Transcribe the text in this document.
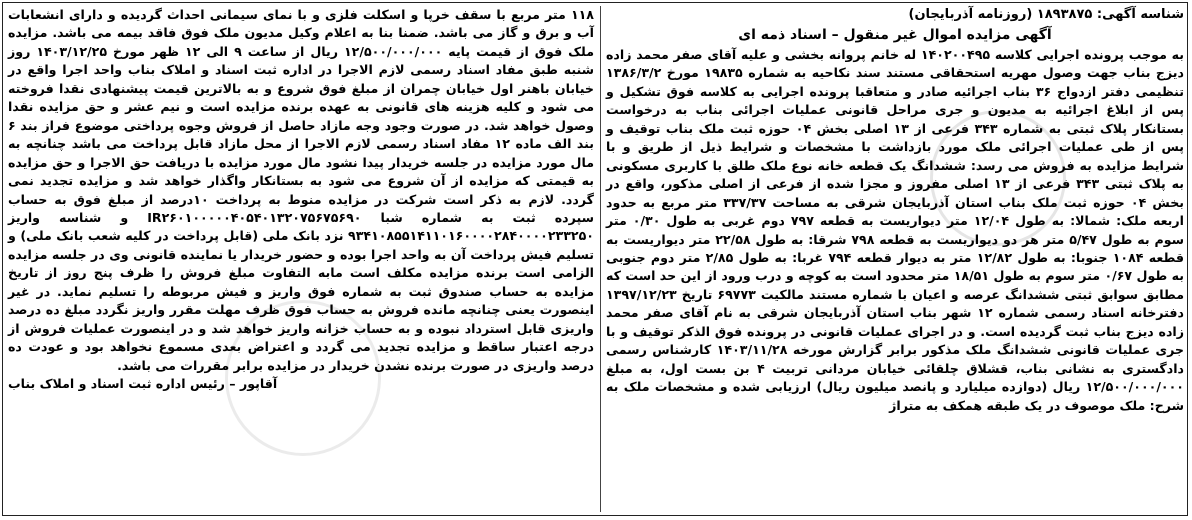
شناسه آگهی: ۱۸۹۳۸۷۵ (روزنامه آذربایجان)
آگهی مزایده اموال غیر منقول – اسناد ذمه ای

به موجب پرونده اجرایی کلاسه ۱۴۰۲۰۰۴۹۵ له خانم پروانه بخشی و علیه آقای صفر محمد زاده دیزج بناب جهت وصول مهریه استحقاقی مستند سند نکاحیه به شماره ۱۹۸۳۵ مورخ ۱۳۸۶/۳/۲ تنظیمی دفتر ازدواج ۳۶ بناب اجرائیه صادر و متعاقبا پرونده اجرایی به کلاسه فوق تشکیل و پس از ابلاغ اجرائیه به مدیون و جری مراحل قانونی عملیات اجرائی بناب به درخواست بستانکار پلاک ثبتی به شماره ۳۴۳ فرعی از ۱۳ اصلی بخش ۰۴ حوزه ثبت ملک بناب توقیف و پس از طی عملیات اجرائی ملک مورد بازداشت با مشخصات و شرایط ذیل از طریق و با شرایط مزایده به فروش می رسد: ششدانگ یک قطعه خانه نوع ملک طلق با کاربری مسکونی به پلاک ثبتی ۳۴۳ فرعی از ۱۳ اصلی مفروز و مجزا شده از فرعی از اصلی مذکور، واقع در بخش ۰۴ حوزه ثبت ملک بناب استان آذربایجان شرقی به مساحت ۳۳۷/۳۷ متر مربع به حدود اربعه ملک: شمالا: به طول ۱۲/۰۴ متر دیواریست به قطعه ۷۹۷ دوم غربی به طول ۰/۳۰ متر سوم به طول ۵/۴۷ متر هر دو دیواریست به قطعه ۷۹۸ شرقا: به طول ۲۲/۵۸ متر دیواریست به قطعه ۱۰۸۴ جنوبا: به طول ۱۲/۸۲ متر به دیوار قطعه ۷۹۴ غربا: به طول ۲/۸۵ متر دوم جنوبی به طول ۰/۶۷ متر سوم به طول ۱۸/۵۱ متر محدود است به کوچه و درب ورود از این حد است که مطابق سوابق ثبتی ششدانگ عرصه و اعیان با شماره مستند مالکیت ۶۹۷۷۳ تاریخ ۱۳۹۷/۱۲/۲۳ دفترخانه اسناد رسمی شماره ۱۲ شهر بناب استان آذربایجان شرقی به نام آقای صفر محمد زاده دیزج بناب ثبت گردیده است. و در اجرای عملیات قانونی در پرونده فوق الذکر توقیف و با جری عملیات قانونی ششدانگ ملک مذکور برابر گزارش مورخه ۱۴۰۳/۱۱/۲۸ کارشناس رسمی دادگستری به نشانی بناب، قشلاق چلقائی خیابان مردانی تربیت ۴ بن بست اول، به مبلغ ۱۲/۵۰۰/۰۰۰/۰۰۰ ریال (دوازده میلیارد و پانصد میلیون ریال) ارزیابی شده و مشخصات ملک به شرح: ملک موصوف در یک طبقه همکف به متراژ

۱۱۸ متر مربع با سقف خرپا و اسکلت فلزی و با نمای سیمانی احداث گردیده و دارای انشعابات آب و برق و گاز می باشد. ضمنا بنا به اعلام وکیل مدیون ملک فوق فاقد بیمه می باشد. مزایده ملک فوق از قیمت پایه ۱۲/۵۰۰/۰۰۰/۰۰۰ ریال از ساعت ۹ الی ۱۲ ظهر مورخ ۱۴۰۳/۱۲/۲۵ روز شنبه طبق مفاد اسناد رسمی لازم الاجرا در اداره ثبت اسناد و املاک بناب واحد اجرا واقع در خیابان باهنر اول خیابان چمران از مبلغ فوق شروع و به بالاترین قیمت پیشنهادی نقدا فروخته می شود و کلیه هزینه های قانونی به عهده برنده مزایده است و نیم عشر و حق مزایده نقدا وصول خواهد شد. در صورت وجود وجه مازاد حاصل از فروش وجوه پرداختی موضوع فراز بند ۶ بند الف ماده ۱۲ مفاد اسناد رسمی لازم الاجرا از محل مازاد قابل پرداخت می باشد چنانچه به مال مورد مزایده در جلسه خریدار پیدا نشود مال مورد مزایده با دریافت حق الاجرا و حق مزایده به قیمتی که مزایده از آن شروع می شود به بستانکار واگذار خواهد شد و مزایده تجدید نمی گردد. لازم به ذکر است شرکت در مزایده منوط به پرداخت ۱۰درصد از مبلغ فوق به حساب سپرده ثبت به شماره شبا IR۲۶۰۱۰۰۰۰۰۴۰۵۴۰۱۳۲۰۷۵۶۷۵۶۹۰ و شناسه واریز ۹۳۴۱۰۸۵۵۱۴۱۱۰۱۶۰۰۰۰۲۸۴۰۰۰۰۲۳۳۲۵۰ نزد بانک ملی (قابل پرداخت در کلیه شعب بانک ملی) و تسلیم فیش پرداخت آن به واحد اجرا بوده و حضور خریدار یا نماینده قانونی وی در جلسه مزایده الزامی است برنده مزایده مکلف است مابه التفاوت مبلغ فروش را ظرف پنج روز از تاریخ مزایده به حساب صندوق ثبت به شماره فوق واریز و فیش مربوطه را تسلیم نماید. در غیر اینصورت یعنی چنانچه مانده فروش به حساب فوق ظرف مهلت مقرر واریز نگردد مبلغ ده درصد واریزی قابل استرداد نبوده و به حساب خزانه واریز خواهد شد و در اینصورت عملیات فروش از درجه اعتبار ساقط و مزایده تجدید می گردد و اعتراض بعدی مسموع نخواهد بود و عودت ده درصد واریزی در صورت برنده نشدن خریدار در مزایده برابر مقررات می باشد.

آقاپور – رئیس اداره ثبت اسناد و املاک بناب
